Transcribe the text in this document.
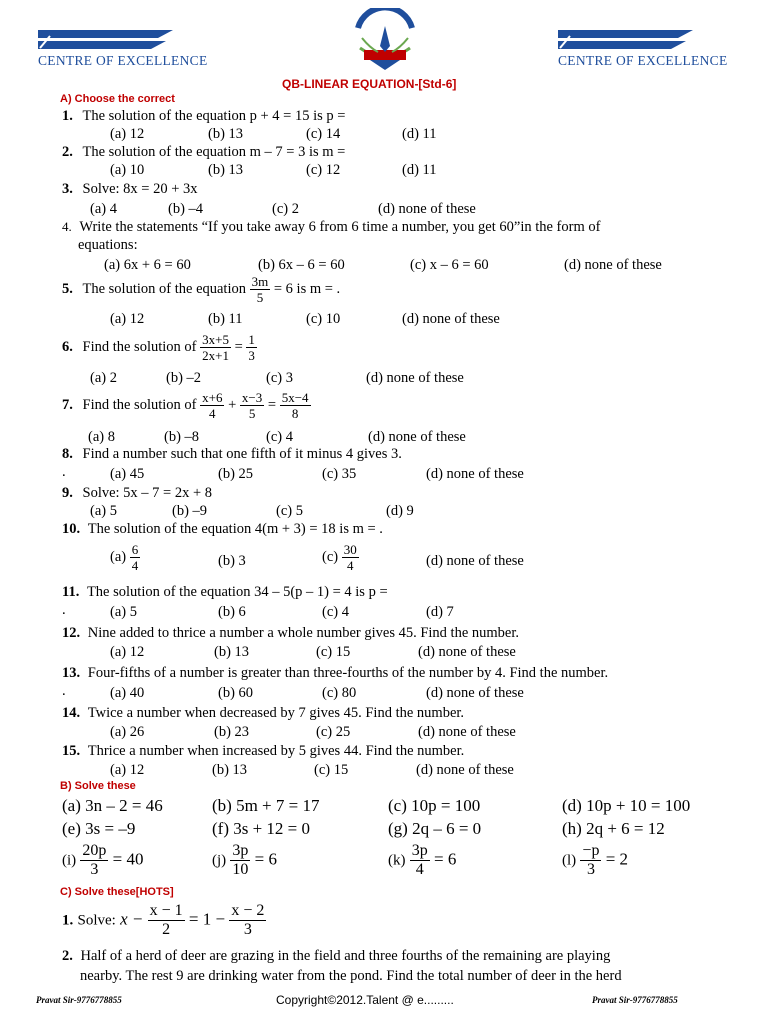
CENTRE OF EXCELLENCE	CENTRE OF EXCELLENCE
QB-LINEAR EQUATION-[Std-6]
A) Choose the correct
1. The solution of the equation p + 4 = 15 is p =
(a) 12	(b) 13	(c) 14	(d) 11
2. The solution of the equation m – 7 = 3 is m =
(a) 10	(b) 13	(c) 12	(d) 11
3. Solve: 8x = 20 + 3x
(a) 4	(b) –4	(c) 2	(d) none of these
4. Write the statements “If you take away 6 from 6 time a number, you get 60”in the form of
equations:
(a) 6x + 6 = 60	(b) 6x – 6 = 60	(c) x – 6 = 60	(d) none of these
5. The solution of the equation $\frac{3m}{5} = 6$ is m = .
(a) 12	(b) 11	(c) 10	(d) none of these
6. Find the solution of $\frac{3x+5}{2x+1} = \frac{1}{3}$
(a) 2	(b) –2	(c) 3	(d) none of these
7. Find the solution of $\frac{x+6}{4} + \frac{x-3}{5} = \frac{5x-4}{8}$
(a) 8	(b) –8	(c) 4	(d) none of these
8. Find a number such that one fifth of it minus 4 gives 3.
.	(a) 45	(b) 25	(c) 35	(d) none of these
9. Solve: 5x – 7 = 2x + 8
(a) 5	(b) –9	(c) 5	(d) 9
10. The solution of the equation 4(m + 3) = 18 is m = .
$(a) \frac{6}{4}$	(b) 3	$(c) \frac{30}{4}$	(d) none of these
11. The solution of the equation 34 – 5(p – 1) = 4 is p =
.	(a) 5	(b) 6	(c) 4	(d) 7
12. Nine added to thrice a number a whole number gives 45. Find the number.
(a) 12	(b) 13	(c) 15	(d) none of these
13. Four-fifths of a number is greater than three-fourths of the number by 4. Find the number.
.	(a) 40	(b) 60	(c) 80	(d) none of these
14. Twice a number when decreased by 7 gives 45. Find the number.
(a) 26	(b) 23	(c) 25	(d) none of these
15. Thrice a number when increased by 5 gives 44. Find the number.
(a) 12	(b) 13	(c) 15	(d) none of these
B) Solve these
(a) 3n – 2 = 46	(b) 5m + 7 = 17	(c) 10p = 100	(d) 10p + 10 = 100
(e) 3s = –9	(f) 3s + 12 = 0	(g) 2q – 6 = 0	(h) 2q + 6 = 12
$(i) \frac{20p}{3} = 40$	$(j) \frac{3p}{10} = 6$	$(k) \frac{3p}{4} = 6$	$(l) \frac{-p}{3} = 2$
C) Solve these[HOTS]
1. Solve: $x - \frac{x - 1}{2} = 1 - \frac{x - 2}{3}$
2. Half of a herd of deer are grazing in the field and three fourths of the remaining are playing
nearby. The rest 9 are drinking water from the pond. Find the total number of deer in the herd
Pravat Sir-9776778855	Copyright©2012.Talent @ e.........	Pravat Sir-9776778855
